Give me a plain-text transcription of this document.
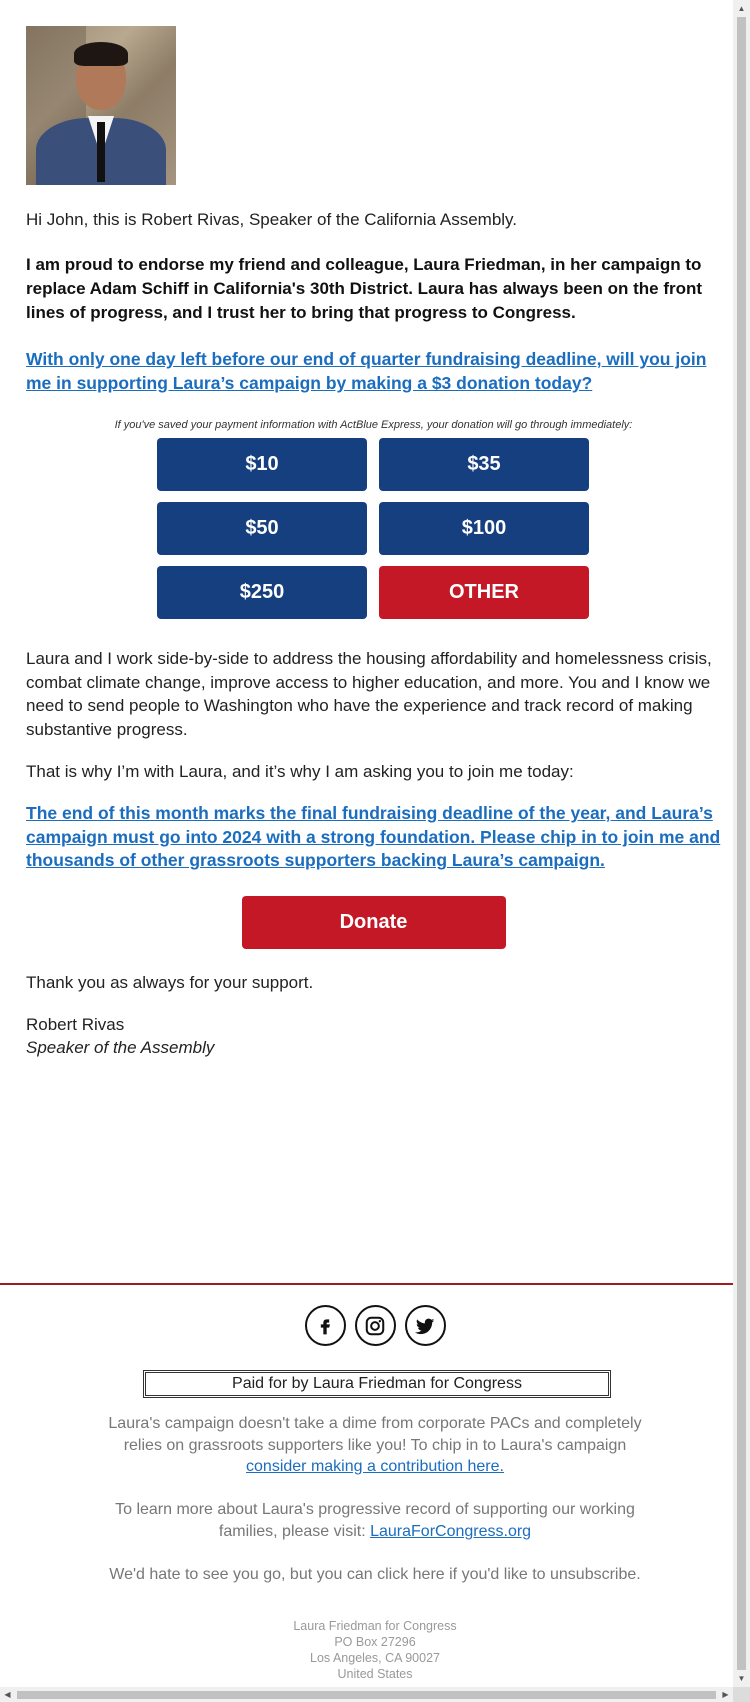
Hi John, this is Robert Rivas, Speaker of the California Assembly.

I am proud to endorse my friend and colleague, Laura Friedman, in her campaign to replace Adam Schiff in California's 30th District. Laura has always been on the front lines of progress, and I trust her to bring that progress to Congress.

With only one day left before our end of quarter fundraising deadline, will you join me in supporting Laura’s campaign by making a $3 donation today?

If you've saved your payment information with ActBlue Express, your donation will go through immediately:

$10	$35
$50	$100
$250	OTHER

Laura and I work side-by-side to address the housing affordability and homelessness crisis, combat climate change, improve access to higher education, and more. You and I know we need to send people to Washington who have the experience and track record of making substantive progress.

That is why I’m with Laura, and it’s why I am asking you to join me today:

The end of this month marks the final fundraising deadline of the year, and Laura’s campaign must go into 2024 with a strong foundation. Please chip in to join me and thousands of other grassroots supporters backing Laura’s campaign.

Donate

Thank you as always for your support.

Robert Rivas

Speaker of the Assembly

Paid for by Laura Friedman for Congress
Laura's campaign doesn't take a dime from corporate PACs and completely relies on grassroots supporters like you! To chip in to Laura's campaign
consider making a contribution here.
To learn more about Laura's progressive record of supporting our working families, please visit: LauraForCongress.org
We'd hate to see you go, but you can click here if you'd like to unsubscribe.
Laura Friedman for Congress
PO Box 27296
Los Angeles, CA 90027
United States
▲
▼
◀	▶
